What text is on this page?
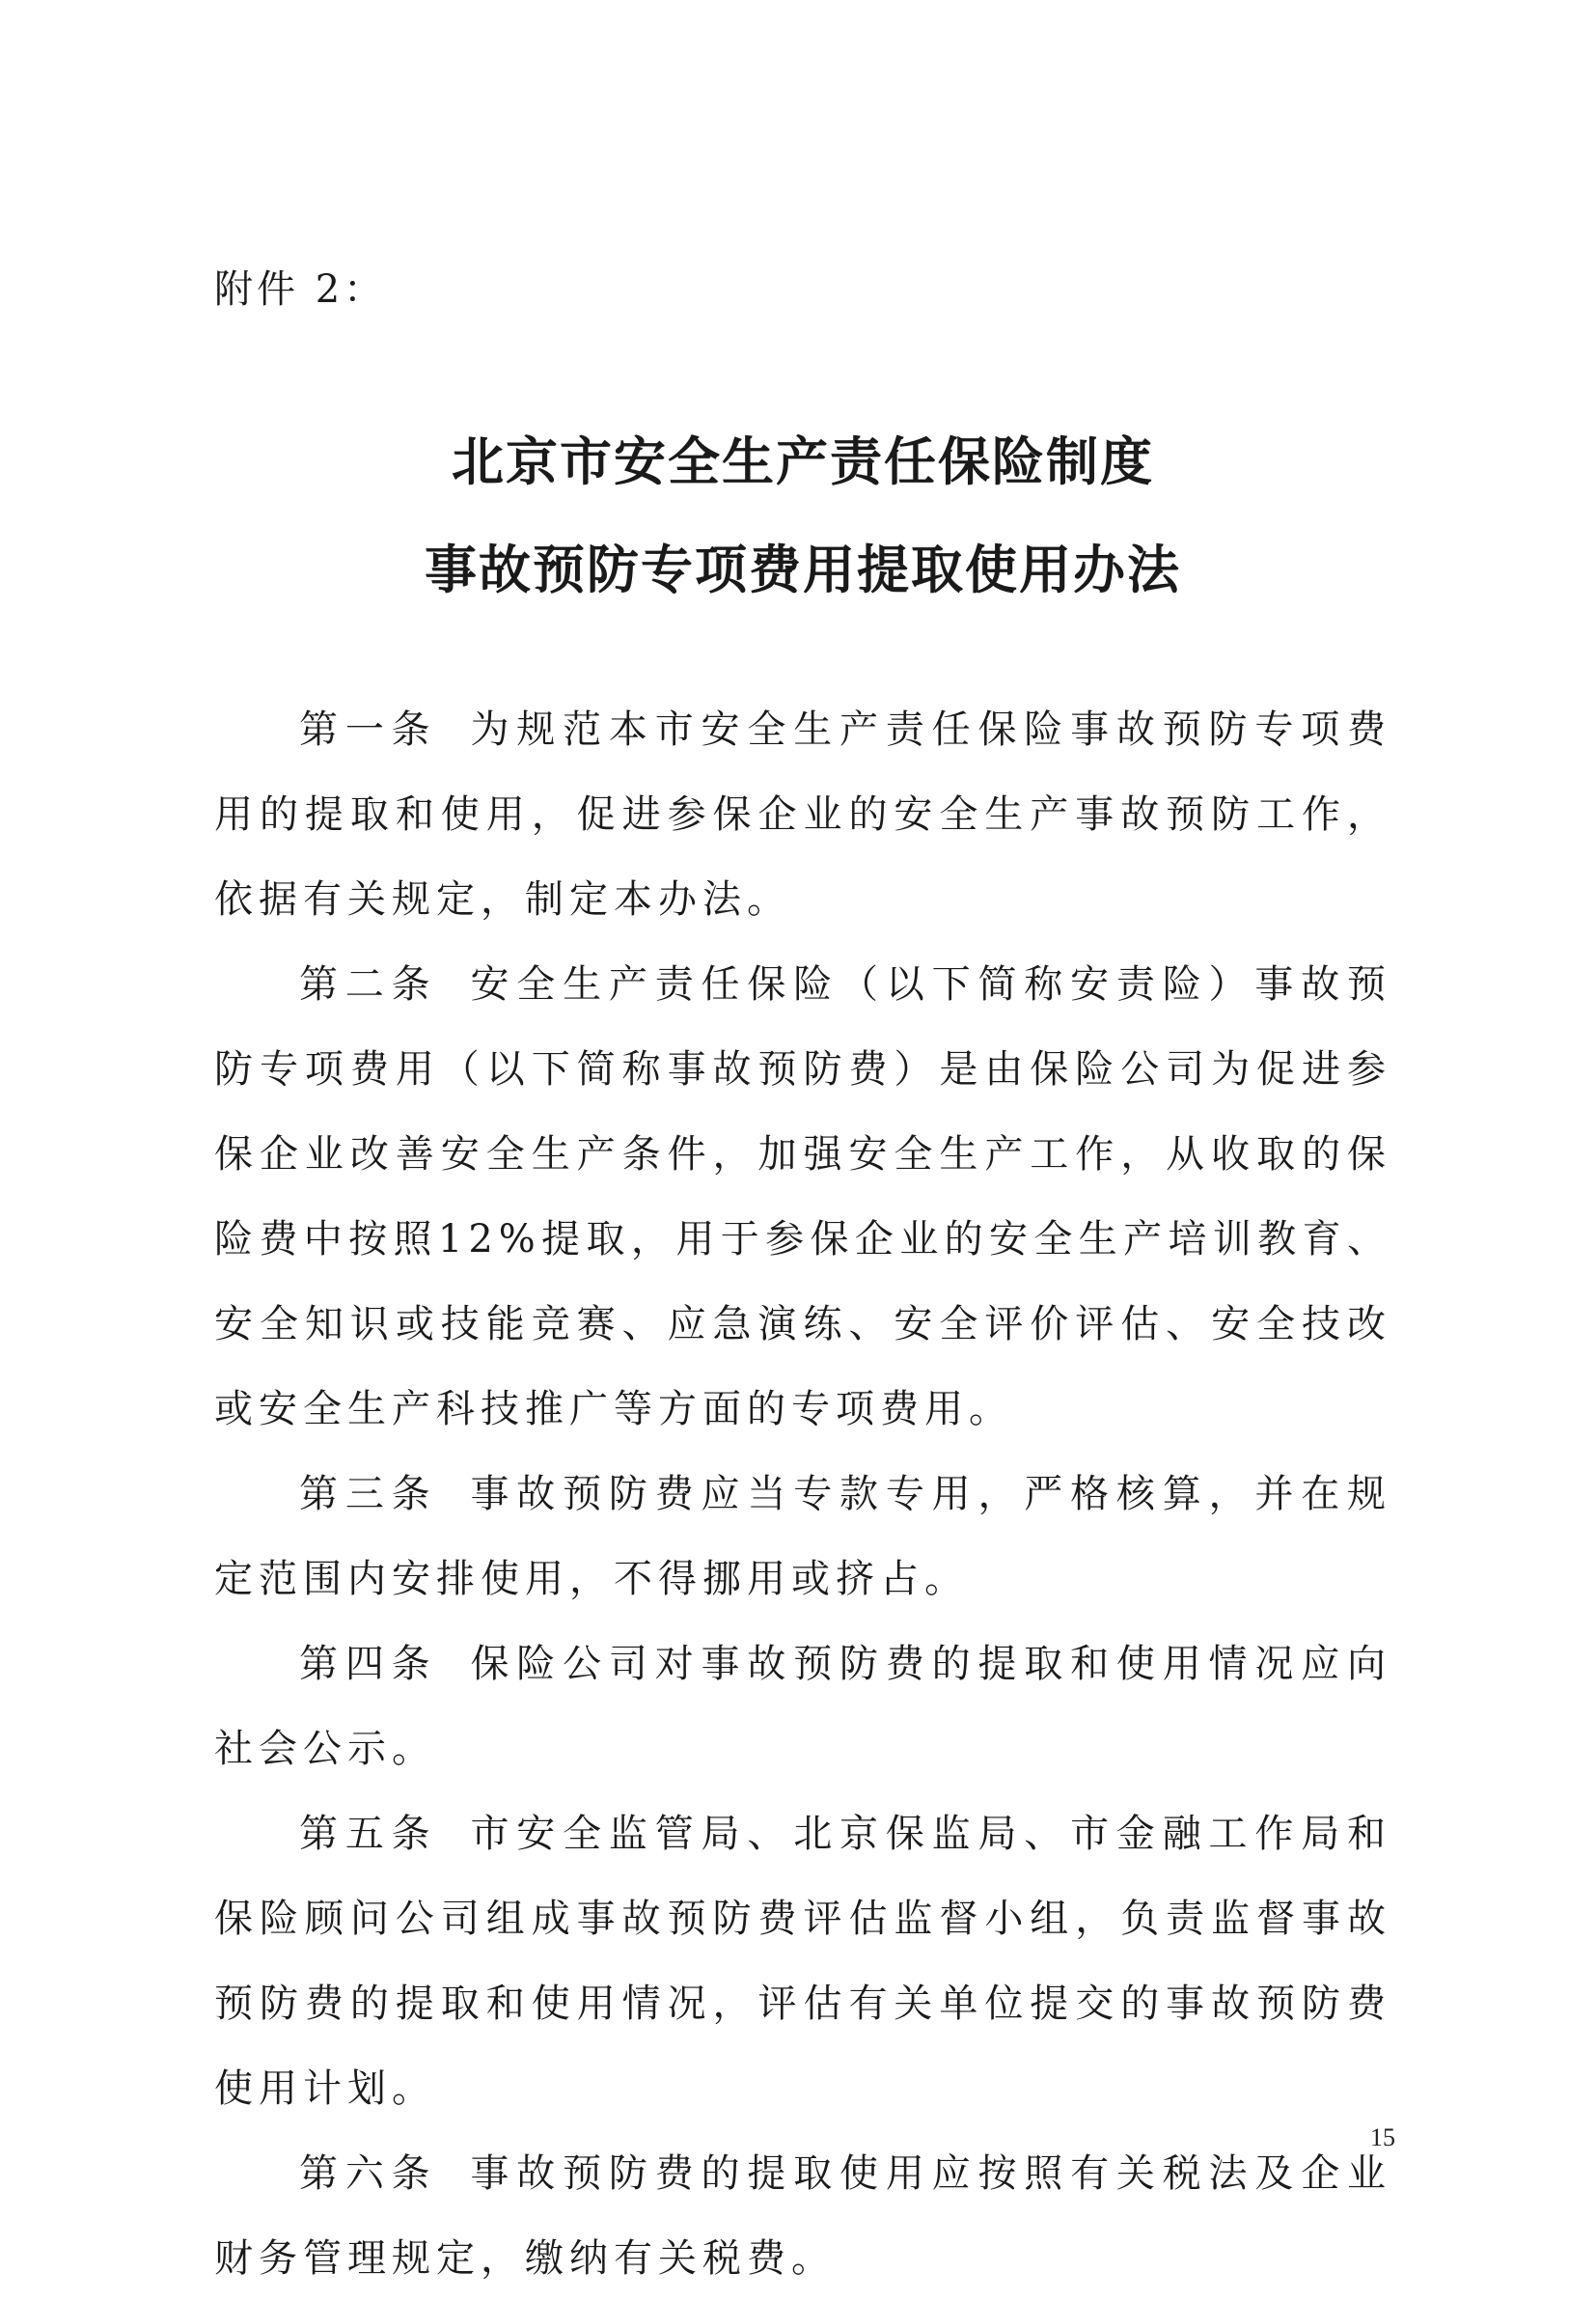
附件 2：
北京市安全生产责任保险制度
事故预防专项费用提取使用办法

第一条 为规范本市安全生产责任保险事故预防专项费用的提取和使用，促进参保企业的安全生产事故预防工作，依据有关规定，制定本办法。

第二条 安全生产责任保险（以下简称安责险）事故预防专项费用（以下简称事故预防费）是由保险公司为促进参保企业改善安全生产条件，加强安全生产工作，从收取的保险费中按照12%提取，用于参保企业的安全生产培训教育、安全知识或技能竞赛、应急演练、安全评价评估、安全技改或安全生产科技推广等方面的专项费用。

第三条 事故预防费应当专款专用，严格核算，并在规定范围内安排使用，不得挪用或挤占。

第四条 保险公司对事故预防费的提取和使用情况应向社会公示。

第五条 市安全监管局、北京保监局、市金融工作局和保险顾问公司组成事故预防费评估监督小组，负责监督事故预防费的提取和使用情况，评估有关单位提交的事故预防费使用计划。

第六条 事故预防费的提取使用应按照有关税法及企业财务管理规定，缴纳有关税费。

15
